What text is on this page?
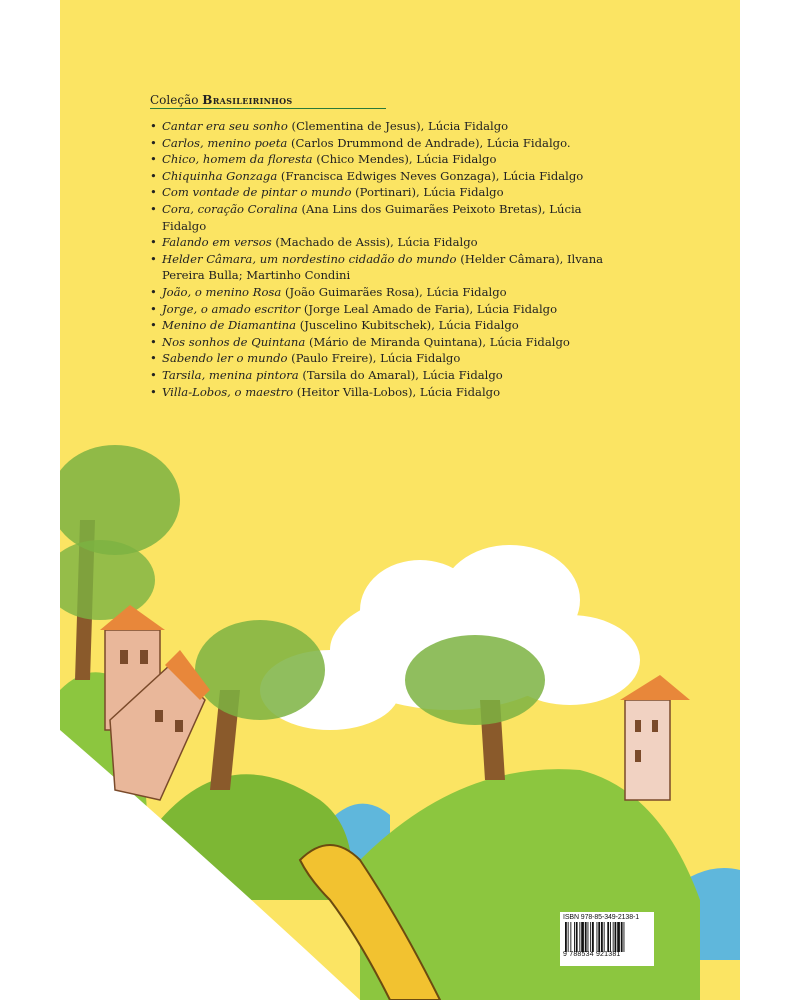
Coleção Brasileirinhos
• Cantar era seu sonho (Clementina de Jesus), Lúcia Fidalgo
• Carlos, menino poeta (Carlos Drummond de Andrade), Lúcia Fidalgo.
• Chico, homem da floresta (Chico Mendes), Lúcia Fidalgo
• Chiquinha Gonzaga (Francisca Edwiges Neves Gonzaga), Lúcia Fidalgo
• Com vontade de pintar o mundo (Portinari), Lúcia Fidalgo
• Cora, coração Coralina (Ana Lins dos Guimarães Peixoto Bretas), Lúcia Fidalgo
• Falando em versos (Machado de Assis), Lúcia Fidalgo
• Helder Câmara, um nordestino cidadão do mundo (Helder Câmara), Ilvana Pereira Bulla; Martinho Condini
• João, o menino Rosa (João Guimarães Rosa), Lúcia Fidalgo
• Jorge, o amado escritor (Jorge Leal Amado de Faria), Lúcia Fidalgo
• Menino de Diamantina (Juscelino Kubitschek), Lúcia Fidalgo
• Nos sonhos de Quintana (Mário de Miranda Quintana), Lúcia Fidalgo
• Sabendo ler o mundo (Paulo Freire), Lúcia Fidalgo
• Tarsila, menina pintora (Tarsila do Amaral), Lúcia Fidalgo
• Villa-Lobos, o maestro (Heitor Villa-Lobos), Lúcia Fidalgo
ISBN 978-85-349-2138-1
9 788534 921381
